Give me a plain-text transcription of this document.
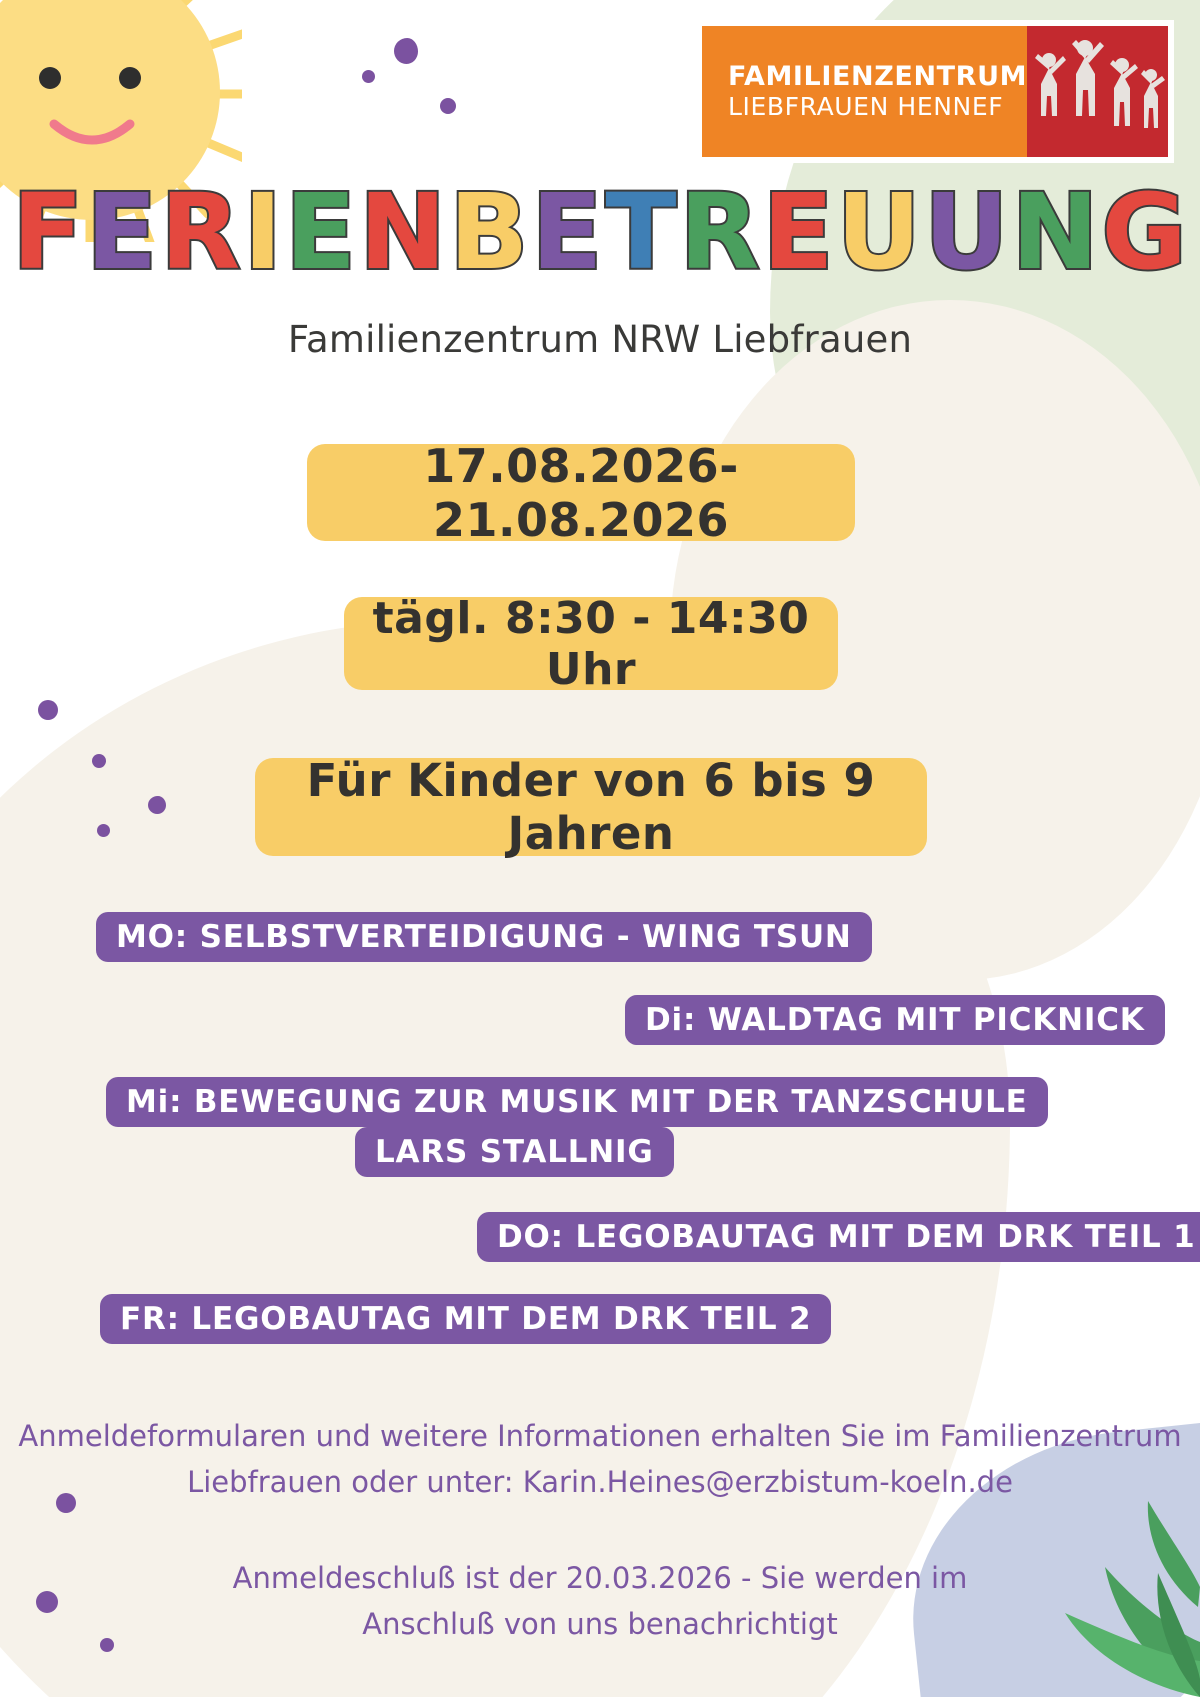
FAMILIENZENTRUM
LIEBFRAUEN HENNEF
FERIENBETREUUNG
Familienzentrum NRW Liebfrauen
17.08.2026-21.08.2026
tägl. 8:30 - 14:30 Uhr
Für Kinder von 6 bis 9 Jahren
MO: SELBSTVERTEIDIGUNG - WING TSUN
Di: WALDTAG MIT PICKNICK
Mi: BEWEGUNG ZUR MUSIK MIT DER TANZSCHULE
LARS STALLNIG
DO: LEGOBAUTAG MIT DEM DRK TEIL 1
FR: LEGOBAUTAG MIT DEM DRK TEIL 2
Anmeldeformularen und weitere Informationen erhalten Sie im Familienzentrum
Liebfrauen oder unter: Karin.Heines@erzbistum-koeln.de
Anmeldeschluß ist der 20.03.2026 - Sie werden im
Anschluß von uns benachrichtigt
